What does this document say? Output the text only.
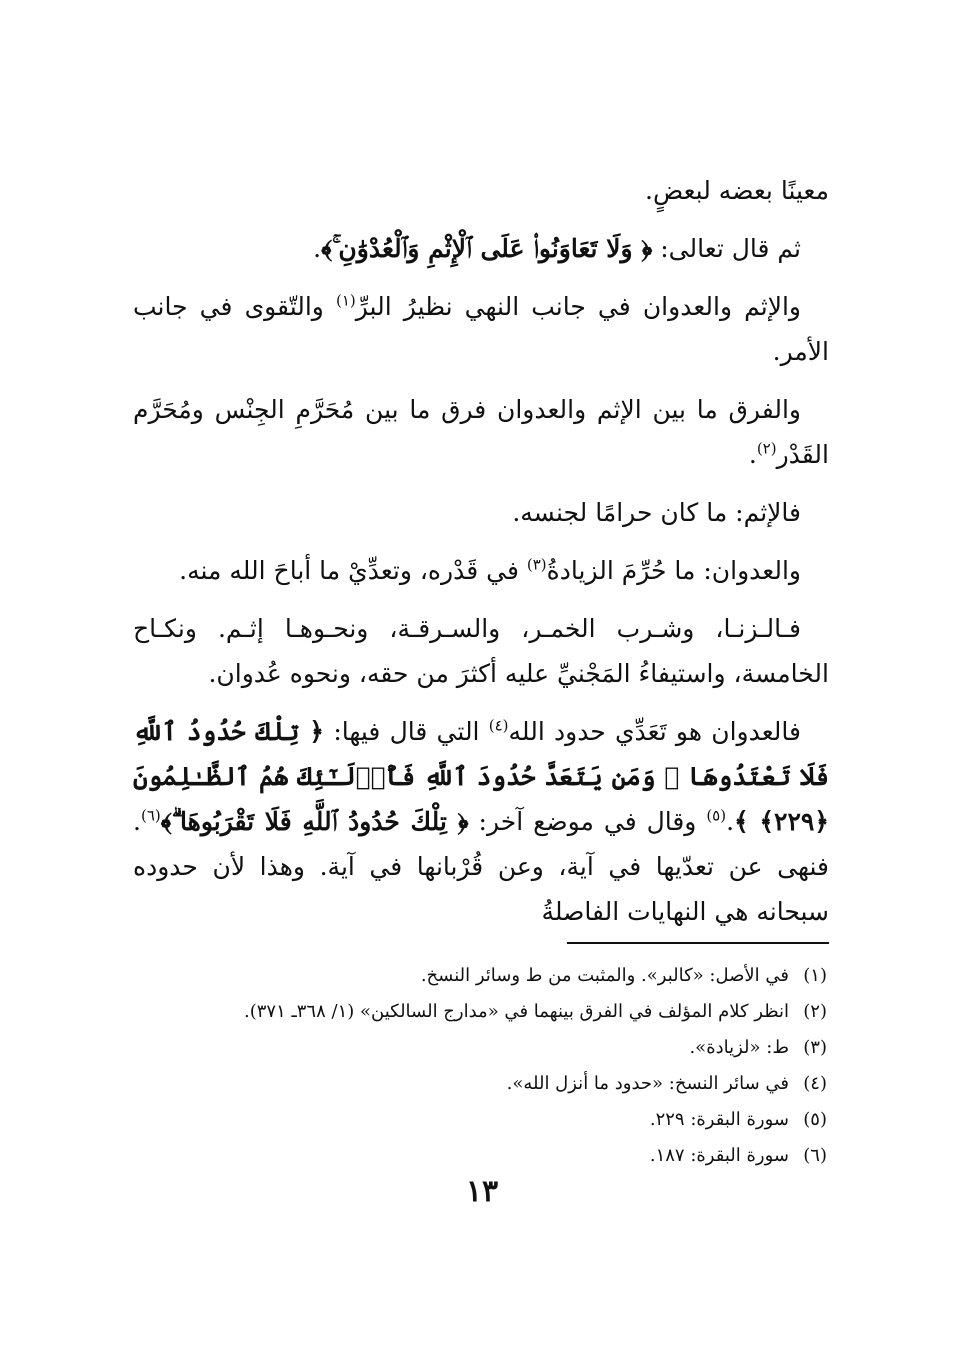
معينًا بعضه لبعضٍ.

ثم قال تعالى: ﴿ وَلَا تَعَاوَنُوا۟ عَلَى ٱلْإِثْمِ وَٱلْعُدْوَٰنِ ۚ﴾.

والإثم والعدوان في جانب النهي نظيرُ البرِّ$^{(١)}$ والتّقوى في جانب الأمر.

والفرق ما بين الإثم والعدوان فرق ما بين مُحَرَّمِ الجِنْس ومُحَرَّم القَدْر$^{(٢)}$.

فالإثم: ما كان حرامًا لجنسه.

والعدوان: ما حُرِّمَ الزيادةُ$^{(٣)}$ في قَدْره، وتعدِّيْ ما أباحَ الله منه.

فـالـزنـا، وشـرب الخمـر، والسـرقـة، ونحـوهـا إثـم. ونكـاح الخامسة، واستيفاءُ المَجْنيِّ عليه أكثرَ من حقه، ونحوه عُدوان.

فالعدوان هو تَعَدِّي حدود الله$^{(٤)}$ التي قال فيها: ﴿ تِلْكَ حُدُودُ ٱللَّهِ فَلَا تَعْتَدُوهَا ۚ وَمَن يَتَعَدَّ حُدُودَ ٱللَّهِ فَأُو۟لَـٰٓئِكَ هُمُ ٱلظَّـٰلِمُونَ ﴿٢٢٩﴾ ﴾.$^{(٥)}$ وقال في موضع آخر: ﴿ تِلْكَ حُدُودُ ٱللَّهِ فَلَا تَقْرَبُوهَا ۗ﴾$^{(٦)}$. فنهى عن تعدّيها في آية، وعن قُرْبانها في آية. وهذا لأن حدوده سبحانه هي النهايات الفاصلةُ

(١)
في الأصل: «كالبر». والمثبت من ط وسائر النسخ.
(٢)
انظر كلام المؤلف في الفرق بينهما في «مدارج السالكين» (١/ ٣٦٨ـ ٣٧١).
(٣)
ط: «لزيادة».
(٤)
في سائر النسخ: «حدود ما أنزل الله».
(٥)
سورة البقرة: ٢٢٩.
(٦)
سورة البقرة: ١٨٧.
١٣
